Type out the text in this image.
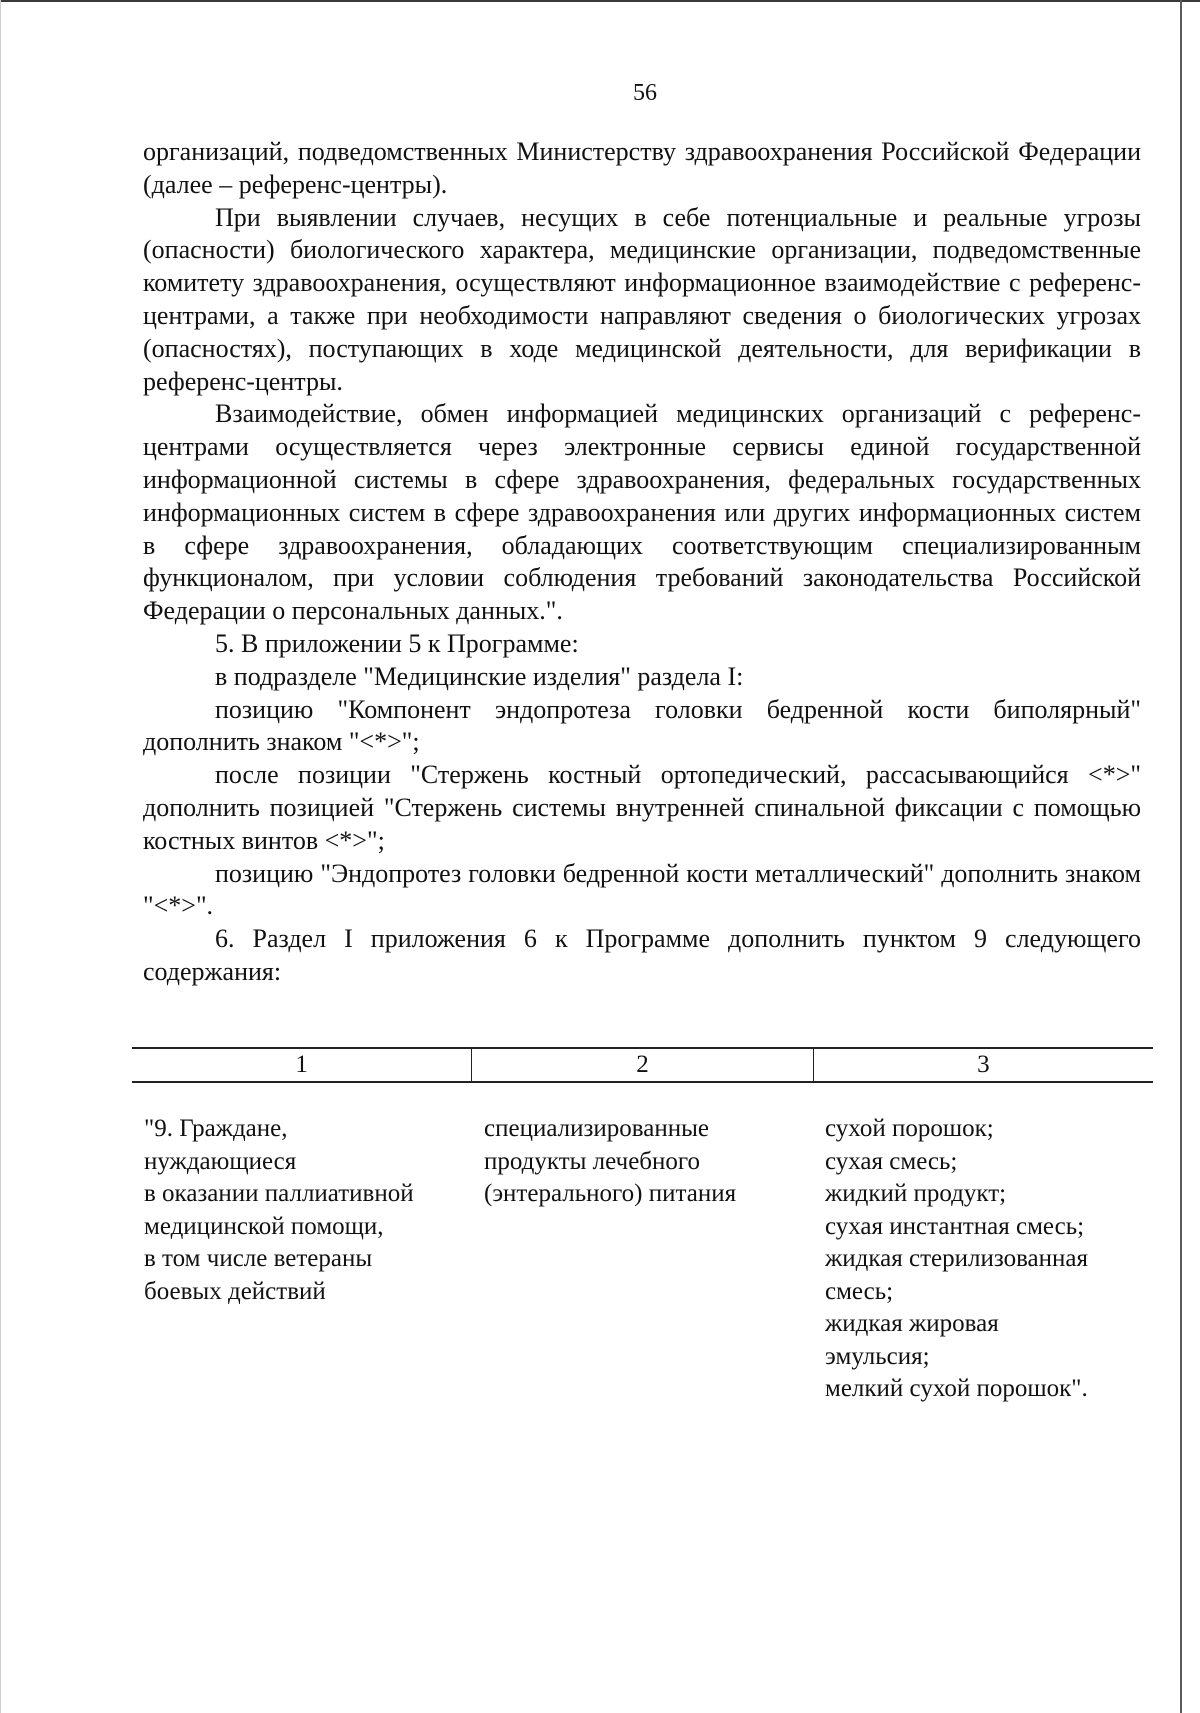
56

организаций, подведомственных Министерству здравоохранения Российской Федерации (далее – референс-центры).

При выявлении случаев, несущих в себе потенциальные и реальные угрозы (опасности) биологического характера, медицинские организации, подведомственные комитету здравоохранения, осуществляют информационное взаимодействие с референс-центрами, а также при необходимости направляют сведения о биологических угрозах (опасностях), поступающих в ходе медицинской деятельности, для верификации в референс-центры.

Взаимодействие, обмен информацией медицинских организаций с референс-центрами осуществляется через электронные сервисы единой государственной информационной системы в сфере здравоохранения, федеральных государственных информационных систем в сфере здравоохранения или других информационных систем в сфере здравоохранения, обладающих соответствующим специализированным функционалом, при условии соблюдения требований законодательства Российской Федерации о персональных данных.".

5. В приложении 5 к Программе:

в подразделе "Медицинские изделия" раздела I:

позицию "Компонент эндопротеза головки бедренной кости биполярный" дополнить знаком "<*>";

после позиции "Стержень костный ортопедический, рассасывающийся <*>" дополнить позицией "Стержень системы внутренней спинальной фиксации с помощью костных винтов <*>";

позицию "Эндопротез головки бедренной кости металлический" дополнить знаком "<*>".

6. Раздел I приложения 6 к Программе дополнить пунктом 9 следующего содержания:

1	2	3
"9. Граждане,
нуждающиеся
в оказании паллиативной
медицинской помощи,
в том числе ветераны
боевых действий
специализированные
продукты лечебного
(энтерального) питания
сухой порошок;
сухая смесь;
жидкий продукт;
сухая инстантная смесь;
жидкая стерилизованная
смесь;
жидкая жировая
эмульсия;
мелкий сухой порошок".
